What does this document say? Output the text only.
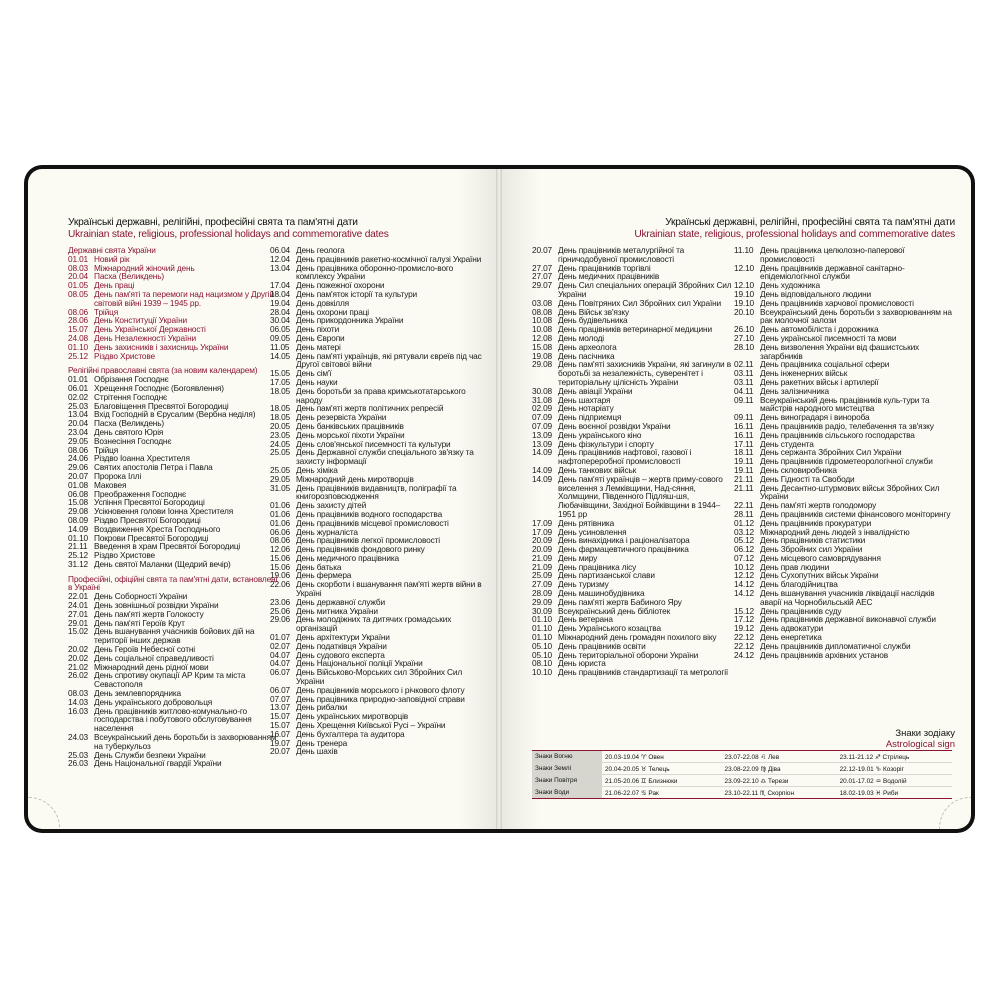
Українські державні, релігійні, професійні свята та пам'ятні дати
Ukrainian state, religious, professional holidays and commemorative dates
Державні свята України
01.01 Новий рік
08.03 Міжнародний жіночий день
20.04 Пасха (Великдень)
01.05 День праці
08.05 День пам'яті та перемоги над нацизмом у Другій світовій війні 1939 – 1945 рр.
08.06 Трійця
28.06 День Конституції України
15.07 День Української Державності
24.08 День Незалежності України
01.10 День захисників і захисниць України
25.12 Різдво Христове
Релігійні православні свята (за новим календарем)
01.01 Обрізання Господнє
06.01 Хрещення Господнє (Богоявлення)
02.02 Стрітення Господнє
25.03 Благовіщення Пресвятої Богородиці
13.04 Вхід Господній в Єрусалим (Вербна неділя)
20.04 Пасха (Великдень)
23.04 День святого Юрія
29.05 Вознесіння Господнє
08.06 Трійця
24.06 Різдво Іоанна Хрестителя
29.06 Святих апостолів Петра і Павла
20.07 Пророка Іллі
01.08 Маковея
06.08 Преображення Господнє
15.08 Успіння Пресвятої Богородиці
29.08 Усікновення голови Іонна Хрестителя
08.09 Різдво Пресвятої Богородиці
14.09 Воздвиження Хреста Господнього
01.10 Покрови Пресвятої Богородиці
21.11 Введення в храм Пресвятої Богородиці
25.12 Різдво Христове
31.12 День святої Маланки (Щедрий вечір)
Професійні, офіційні свята та пам'ятні дати, встановлені в Україні
22.01 День Соборності України
24.01 День зовнішньої розвідки України
27.01 День пам'яті жертв Голокосту
29.01 День пам'яті Героїв Крут
15.02 День вшанування учасників бойових дій на території інших держав
20.02 День Героїв Небесної сотні
20.02 День соціальної справедливості
21.02 Міжнародний день рідної мови
26.02 День спротиву окупації АР Крим та міста Севастополя
08.03 День землевпорядника
14.03 День українського добровольця
16.03 День працівників житлово-комунально-го господарства і побутового обслуговування населення
24.03 Всеукраїнський день боротьби із захворюванням на туберкульоз
25.03 День Служби безпеки України
26.03 День Національної гвардії України
06.04 День геолога
12.04 День працівників ракетно-космічної галузі України
13.04 День працівника оборонно-промисло-вого комплексу України
17.04 День пожежної охорони
18.04 День пам'яток історії та культури
19.04 День довкілля
28.04 День охорони праці
30.04 День прикордонника України
06.05 День піхоти
09.05 День Європи
11.05 День матері
14.05 День пам'яті українців, які рятували євреїв під час Другої світової війни
15.05 День сім'ї
17.05 День науки
18.05 День боротьби за права кримськотатарського народу
18.05 День пам'яті жертв політичних репресій
18.05 День резервіста України
20.05 День банківських працівників
23.05 День морської піхоти України
24.05 День слов'янської писемності та культури
25.05 День Державної служби спеціального зв'язку та захисту інформації
25.05 День хіміка
29.05 Міжнародний день миротворців
31.05 День працівників видавництв, поліграфії та книгорозповсюдження
01.06 День захисту дітей
01.06 День працівників водного господарства
01.06 День працівників місцевої промисловості
06.06 День журналіста
08.06 День працівників легкої промисловості
12.06 День працівників фондового ринку
15.06 День медичного працівника
15.06 День батька
19.06 День фермера
22.06 День скорботи і вшанування пам'яті жертв війни в Україні
23.06 День державної служби
25.06 День митника України
29.06 День молодіжних та дитячих громадських організацій
01.07 День архітектури України
02.07 День податківця України
04.07 День судового експерта
04.07 День Національної поліції України
06.07 День Військово-Морських сил Збройних Сил України
06.07 День працівників морського і річкового флоту
07.07 День працівника природно-заповідної справи
13.07 День рибалки
15.07 День українських миротворців
15.07 День Хрещення Київської Русі – України
16.07 День бухгалтера та аудитора
19.07 День тренера
20.07 День шахів
Українські державні, релігійні, професійні свята та пам'ятні дати
Ukrainian state, religious, professional holidays and commemorative dates
20.07 День працівників металургійної та гірничодобувної промисловості
27.07 День працівників торгівлі
27.07 День медичних працівників
29.07 День Сил спеціальних операцій Збройних Сил України
03.08 День Повітряних Сил Збройних сил України
08.08 День Військ зв'язку
10.08 День будівельника
10.08 День працівників ветеринарної медицини
12.08 День молоді
15.08 День археолога
19.08 День пасічника
29.08 День пам'яті захисників України, які загинули в боротьбі за незалежність, суверенітет і територіальну цілісність України
30.08 День авіації України
31.08 День шахтаря
02.09 День нотаріату
07.09 День підприємця
07.09 День воєнної розвідки України
13.09 День українського кіно
13.09 День фізкультури і спорту
14.09 День працівників нафтової, газової і нафтопереробної промисловості
14.09 День танкових військ
14.09 День пам'яті українців – жертв приму-сового виселення з Лемківщини, Над-сяння, Холмщини, Південного Підляш-шя, Любачівщини, Західної Бойківщини в 1944–1951 рр
17.09 День рятівника
17.09 День усиновлення
20.09 День винахідника і раціоналізатора
20.09 День фармацевтичного працівника
21.09 День миру
21.09 День працівника лісу
25.09 День партизанської слави
27.09 День туризму
28.09 День машинобудівника
29.09 День пам'яті жертв Бабиного Яру
30.09 Всеукраїнський день бібліотек
01.10 День ветерана
01.10 День Українського козацтва
01.10 Міжнародний день громадян похилого віку
05.10 День працівників освіти
05.10 День територіальної оборони України
08.10 День юриста
10.10 День працівників стандартизації та метрології
11.10 День працівника целюлозно-паперової промисловості
12.10 День працівників державної санітарно-епідеміологічної служби
12.10 День художника
19.10 День відповідального людини
19.10 День працівників харчової промисловості
20.10 Всеукраїнський день боротьби з захворюванням на рак молочної залози
26.10 День автомобіліста і дорожника
27.10 День української писемності та мови
28.10 День визволення України від фашистських загарбників
02.11 День працівника соціальної сфери
03.11 День інженерних військ
03.11 День ракетних військ і артилерії
04.11 День залізничника
09.11 Всеукраїнський день працівників куль-тури та майстрів народного мистецтва
09.11 День виноградаря і винороба
16.11 День працівників радіо, телебачення та зв'язку
16.11 День працівників сільського господарства
17.11 День студента
18.11 День сержанта Збройних Сил України
19.11 День працівників гідрометеорологічної служби
19.11 День скловиробника
21.11 День Гідності та Свободи
21.11 День Десантно-штурмових військ Збройних Сил України
22.11 День пам'яті жертв голодомору
28.11 День працівників системи фінансового моніторингу
01.12 День працівників прокуратури
03.12 Міжнародний день людей з інвалідністю
05.12 День працівників статистики
06.12 День Збройних сил України
07.12 День місцевого самоврядування
10.12 День прав людини
12.12 День Сухопутних військ України
14.12 День благодійництва
14.12 День вшанування учасників ліквідації наслідків аварії на Чорнобильській АЕС
15.12 День працівників суду
17.12 День працівників державної виконавчої служби
19.12 День адвокатури
22.12 День енергетика
22.12 День працівників дипломатичної служби
24.12 День працівників архівних установ
Знаки зодіаку
Astrological sign
Знаки Вогню	20.03-19.04 ♈ Овен	23.07-22.08 ♌ Лев	23.11-21.12 ♐ Стрілець
Знаки Землі	20.04-20.05 ♉ Телець	23.08-22.09 ♍ Діва	22.12-19.01 ♑ Козоріг
Знаки Повітря	21.05-20.06 ♊ Близнюки	23.09-22.10 ♎ Терези	20.01-17.02 ♒ Водолій
Знаки Води	21.06-22.07 ♋ Рак	23.10-22.11 ♏ Скорпіон	18.02-19.03 ♓ Риби
